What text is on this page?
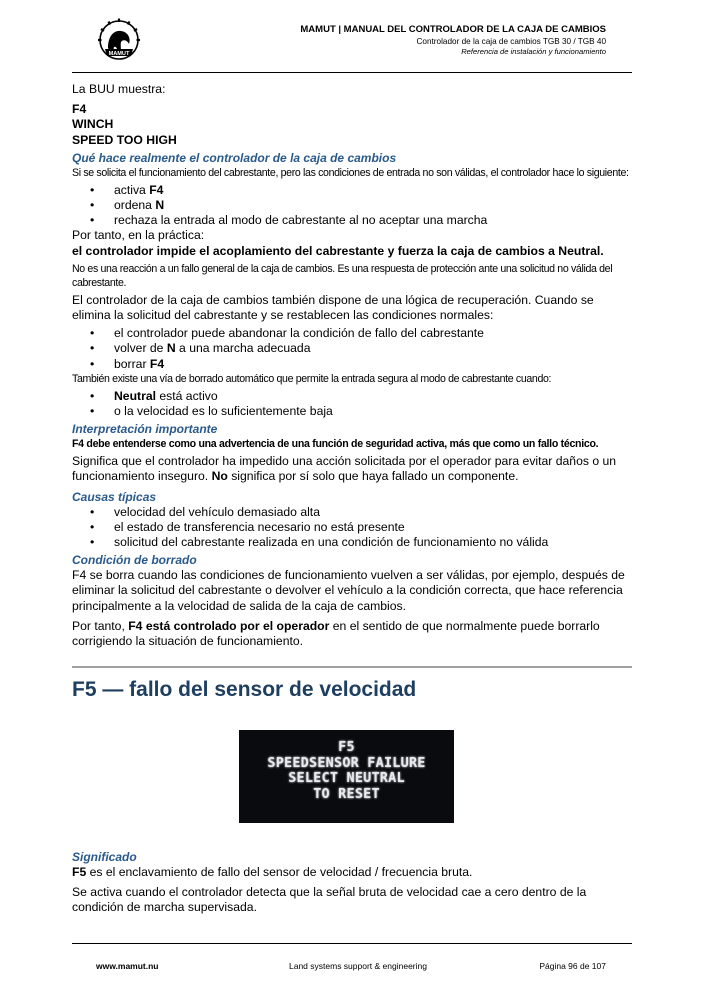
MAMUT
MAMUT | MANUAL DEL CONTROLADOR DE LA CAJA DE CAMBIOS
Controlador de la caja de cambios TGB 30 / TGB 40
Referencia de instalación y funcionamiento
La BUU muestra:
F4
WINCH
SPEED TOO HIGH
Qué hace realmente el controlador de la caja de cambios
Si se solicita el funcionamiento del cabrestante, pero las condiciones de entrada no son válidas, el controlador hace lo siguiente:
• activa F4
• ordena N
• rechaza la entrada al modo de cabrestante al no aceptar una marcha
Por tanto, en la práctica:
el controlador impide el acoplamiento del cabrestante y fuerza la caja de cambios a Neutral.
No es una reacción a un fallo general de la caja de cambios. Es una respuesta de protección ante una solicitud no válida del cabrestante.
El controlador de la caja de cambios también dispone de una lógica de recuperación. Cuando se elimina la solicitud del cabrestante y se restablecen las condiciones normales:
• el controlador puede abandonar la condición de fallo del cabrestante
• volver de N a una marcha adecuada
• borrar F4
También existe una vía de borrado automático que permite la entrada segura al modo de cabrestante cuando:
• Neutral está activo
• o la velocidad es lo suficientemente baja
Interpretación importante
F4 debe entenderse como una advertencia de una función de seguridad activa, más que como un fallo técnico.
Significa que el controlador ha impedido una acción solicitada por el operador para evitar daños o un funcionamiento inseguro. No significa por sí solo que haya fallado un componente.
Causas típicas
• velocidad del vehículo demasiado alta
• el estado de transferencia necesario no está presente
• solicitud del cabrestante realizada en una condición de funcionamiento no válida
Condición de borrado
F4 se borra cuando las condiciones de funcionamiento vuelven a ser válidas, por ejemplo, después de eliminar la solicitud del cabrestante o devolver el vehículo a la condición correcta, que hace referencia principalmente a la velocidad de salida de la caja de cambios.
Por tanto, F4 está controlado por el operador en el sentido de que normalmente puede borrarlo corrigiendo la situación de funcionamiento.
F5 — fallo del sensor de velocidad
F5
SPEEDSENSOR FAILURE
SELECT NEUTRAL
TO RESET
Significado
F5 es el enclavamiento de fallo del sensor de velocidad / frecuencia bruta.
Se activa cuando el controlador detecta que la señal bruta de velocidad cae a cero dentro de la condición de marcha supervisada.
www.mamut.nu	Land systems support & engineering	Página 96 de 107
